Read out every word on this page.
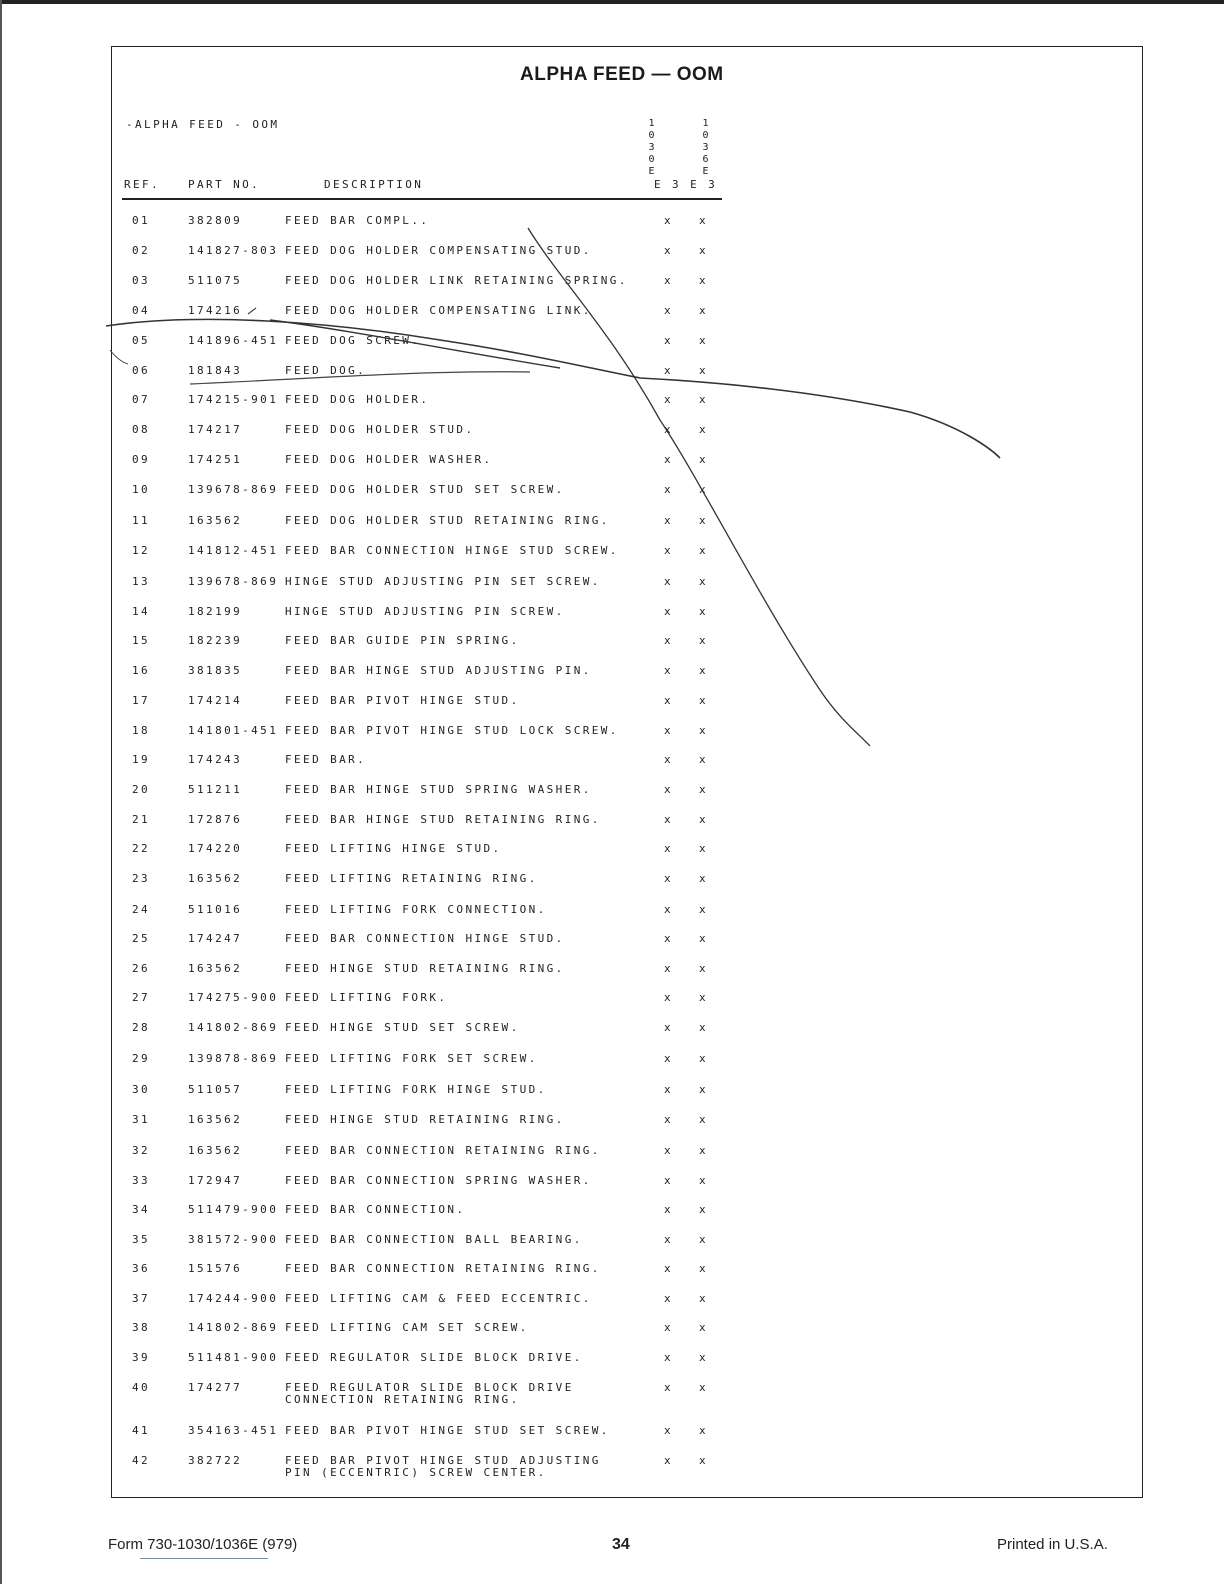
ALPHA FEED — OOM
-ALPHA FEED - OOM	1030E	1036E
REF.	PART NO.	DESCRIPTION	E 3 E 3
01	382809	FEED BAR COMPL..	x x
02	141827-803 FEED DOG HOLDER COMPENSATING STUD.	x x
03	511075	FEED DOG HOLDER LINK RETAINING SPRING.	x x
04	174216	FEED DOG HOLDER COMPENSATING LINK.	x x
05	141896-451 FEED DOG SCREW.	x x
06	181843	FEED DOG.	x x
07	174215-901 FEED DOG HOLDER.	x x
08	174217	FEED DOG HOLDER STUD.	x x
09	174251	FEED DOG HOLDER WASHER.	x x
10	139678-869 FEED DOG HOLDER STUD SET SCREW.	x x
11	163562	FEED DOG HOLDER STUD RETAINING RING.	x x
12	141812-451 FEED BAR CONNECTION HINGE STUD SCREW.	x x
13	139678-869 HINGE STUD ADJUSTING PIN SET SCREW.	x x
14	182199	HINGE STUD ADJUSTING PIN SCREW.	x x
15	182239	FEED BAR GUIDE PIN SPRING.	x x
16	381835	FEED BAR HINGE STUD ADJUSTING PIN.	x x
17	174214	FEED BAR PIVOT HINGE STUD.	x x
18	141801-451 FEED BAR PIVOT HINGE STUD LOCK SCREW.	x x
19	174243	FEED BAR.	x x
20	511211	FEED BAR HINGE STUD SPRING WASHER.	x x
21	172876	FEED BAR HINGE STUD RETAINING RING.	x x
22	174220	FEED LIFTING HINGE STUD.	x x
23	163562	FEED LIFTING RETAINING RING.	x x
24	511016	FEED LIFTING FORK CONNECTION.	x x
25	174247	FEED BAR CONNECTION HINGE STUD.	x x
26	163562	FEED HINGE STUD RETAINING RING.	x x
27	174275-900 FEED LIFTING FORK.	x x
28	141802-869 FEED HINGE STUD SET SCREW.	x x
29	139878-869 FEED LIFTING FORK SET SCREW.	x x
30	511057	FEED LIFTING FORK HINGE STUD.	x x
31	163562	FEED HINGE STUD RETAINING RING.	x x
32	163562	FEED BAR CONNECTION RETAINING RING.	x x
33	172947	FEED BAR CONNECTION SPRING WASHER.	x x
34	511479-900 FEED BAR CONNECTION.	x x
35	381572-900 FEED BAR CONNECTION BALL BEARING.	x x
36	151576	FEED BAR CONNECTION RETAINING RING.	x x
37	174244-900 FEED LIFTING CAM & FEED ECCENTRIC.	x x
38	141802-869 FEED LIFTING CAM SET SCREW.	x x
39	511481-900 FEED REGULATOR SLIDE BLOCK DRIVE.	x x
40	174277	FEED REGULATOR SLIDE BLOCK DRIVE	x x
CONNECTION RETAINING RING.
41	354163-451 FEED BAR PIVOT HINGE STUD SET SCREW.	x x
42	382722	FEED BAR PIVOT HINGE STUD ADJUSTING	x x
PIN (ECCENTRIC) SCREW CENTER.
Form 730-1030/1036E (979)	34	Printed in U.S.A.
